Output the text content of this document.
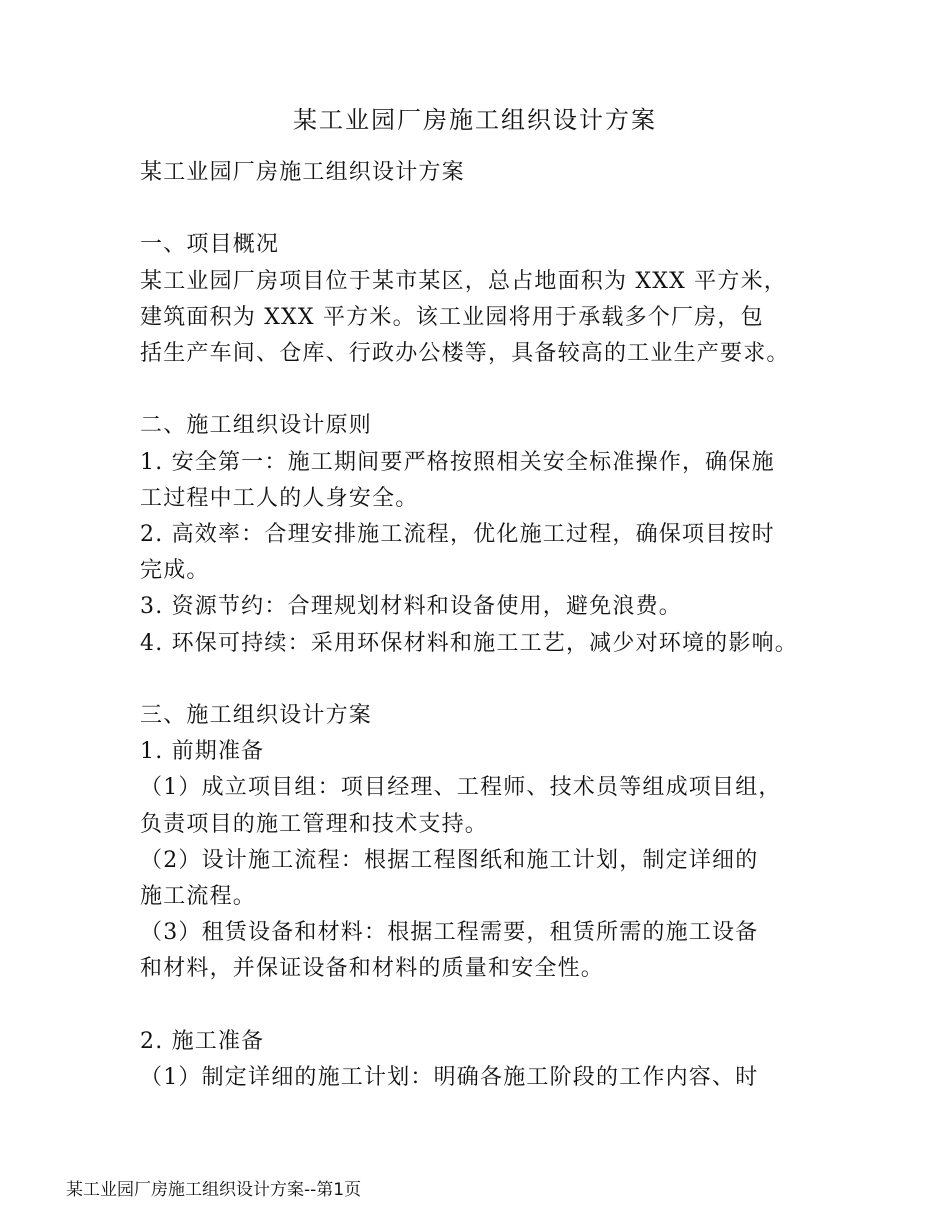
某工业园厂房施工组织设计方案

某工业园厂房施工组织设计方案

一、项目概况

某工业园厂房项目位于某市某区，总占地面积为 XXX 平方米，

建筑面积为 XXX 平方米。该工业园将用于承载多个厂房，包

括生产车间、仓库、行政办公楼等，具备较高的工业生产要求。

二、施工组织设计原则

1. 安全第一：施工期间要严格按照相关安全标准操作，确保施

工过程中工人的人身安全。

2. 高效率：合理安排施工流程，优化施工过程，确保项目按时

完成。

3. 资源节约：合理规划材料和设备使用，避免浪费。

4. 环保可持续：采用环保材料和施工工艺，减少对环境的影响。

三、施工组织设计方案

1. 前期准备

（1）成立项目组：项目经理、工程师、技术员等组成项目组，

负责项目的施工管理和技术支持。

（2）设计施工流程：根据工程图纸和施工计划，制定详细的

施工流程。

（3）租赁设备和材料：根据工程需要，租赁所需的施工设备

和材料，并保证设备和材料的质量和安全性。

2. 施工准备

（1）制定详细的施工计划：明确各施工阶段的工作内容、时

某工业园厂房施工组织设计方案--第1页
